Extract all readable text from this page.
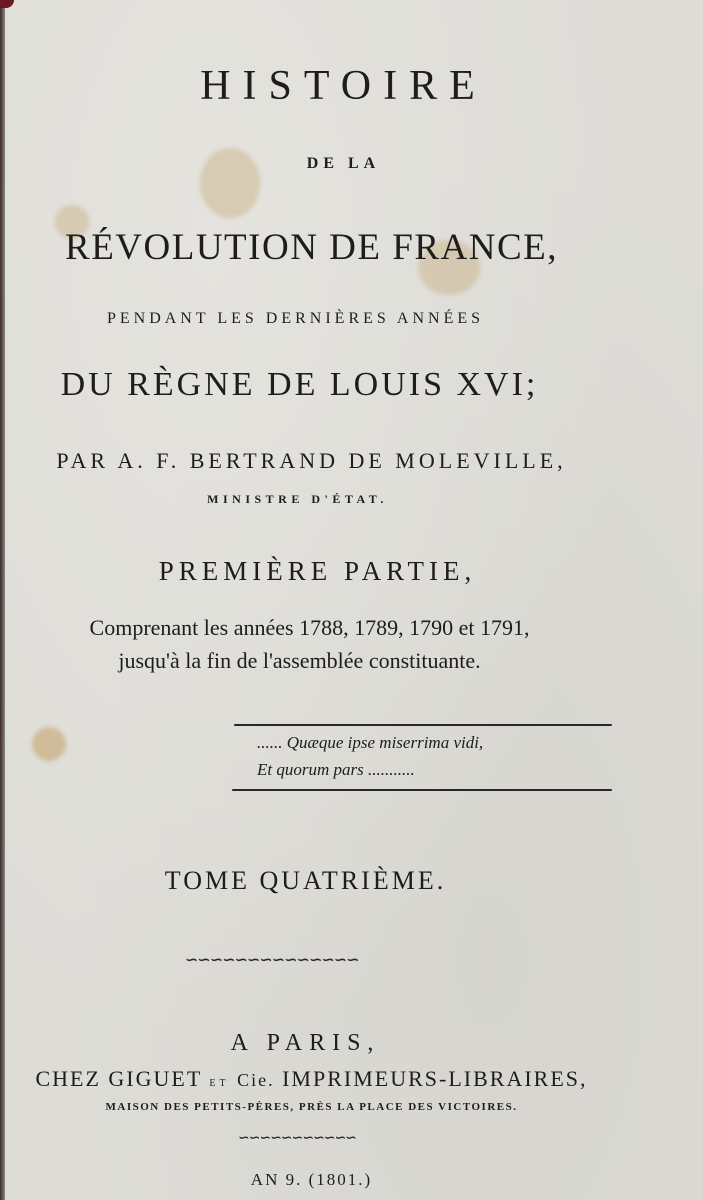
HISTOIRE
DE LA
RÉVOLUTION DE FRANCE,
PENDANT LES DERNIÈRES ANNÉES
DU RÈGNE DE LOUIS XVI;
PAR A. F. BERTRAND DE MOLEVILLE,
MINISTRE D'ÉTAT.
PREMIÈRE PARTIE,
Comprenant les années 1788, 1789, 1790 et 1791,
jusqu'à la fin de l'assemblée constituante.
...... Quæque ipse miserrima vidi,
Et quorum pars ...........
TOME QUATRIÈME.
∽∽∽∽∽∽∽∽∽∽∽∽∽∽
A PARIS,
CHEZ GIGUET ET Cie. IMPRIMEURS-LIBRAIRES,
MAISON DES PETITS-PÈRES, PRÈS LA PLACE DES VICTOIRES.
∽∽∽∽∽∽∽∽∽∽∽
AN 9. (1801.)
